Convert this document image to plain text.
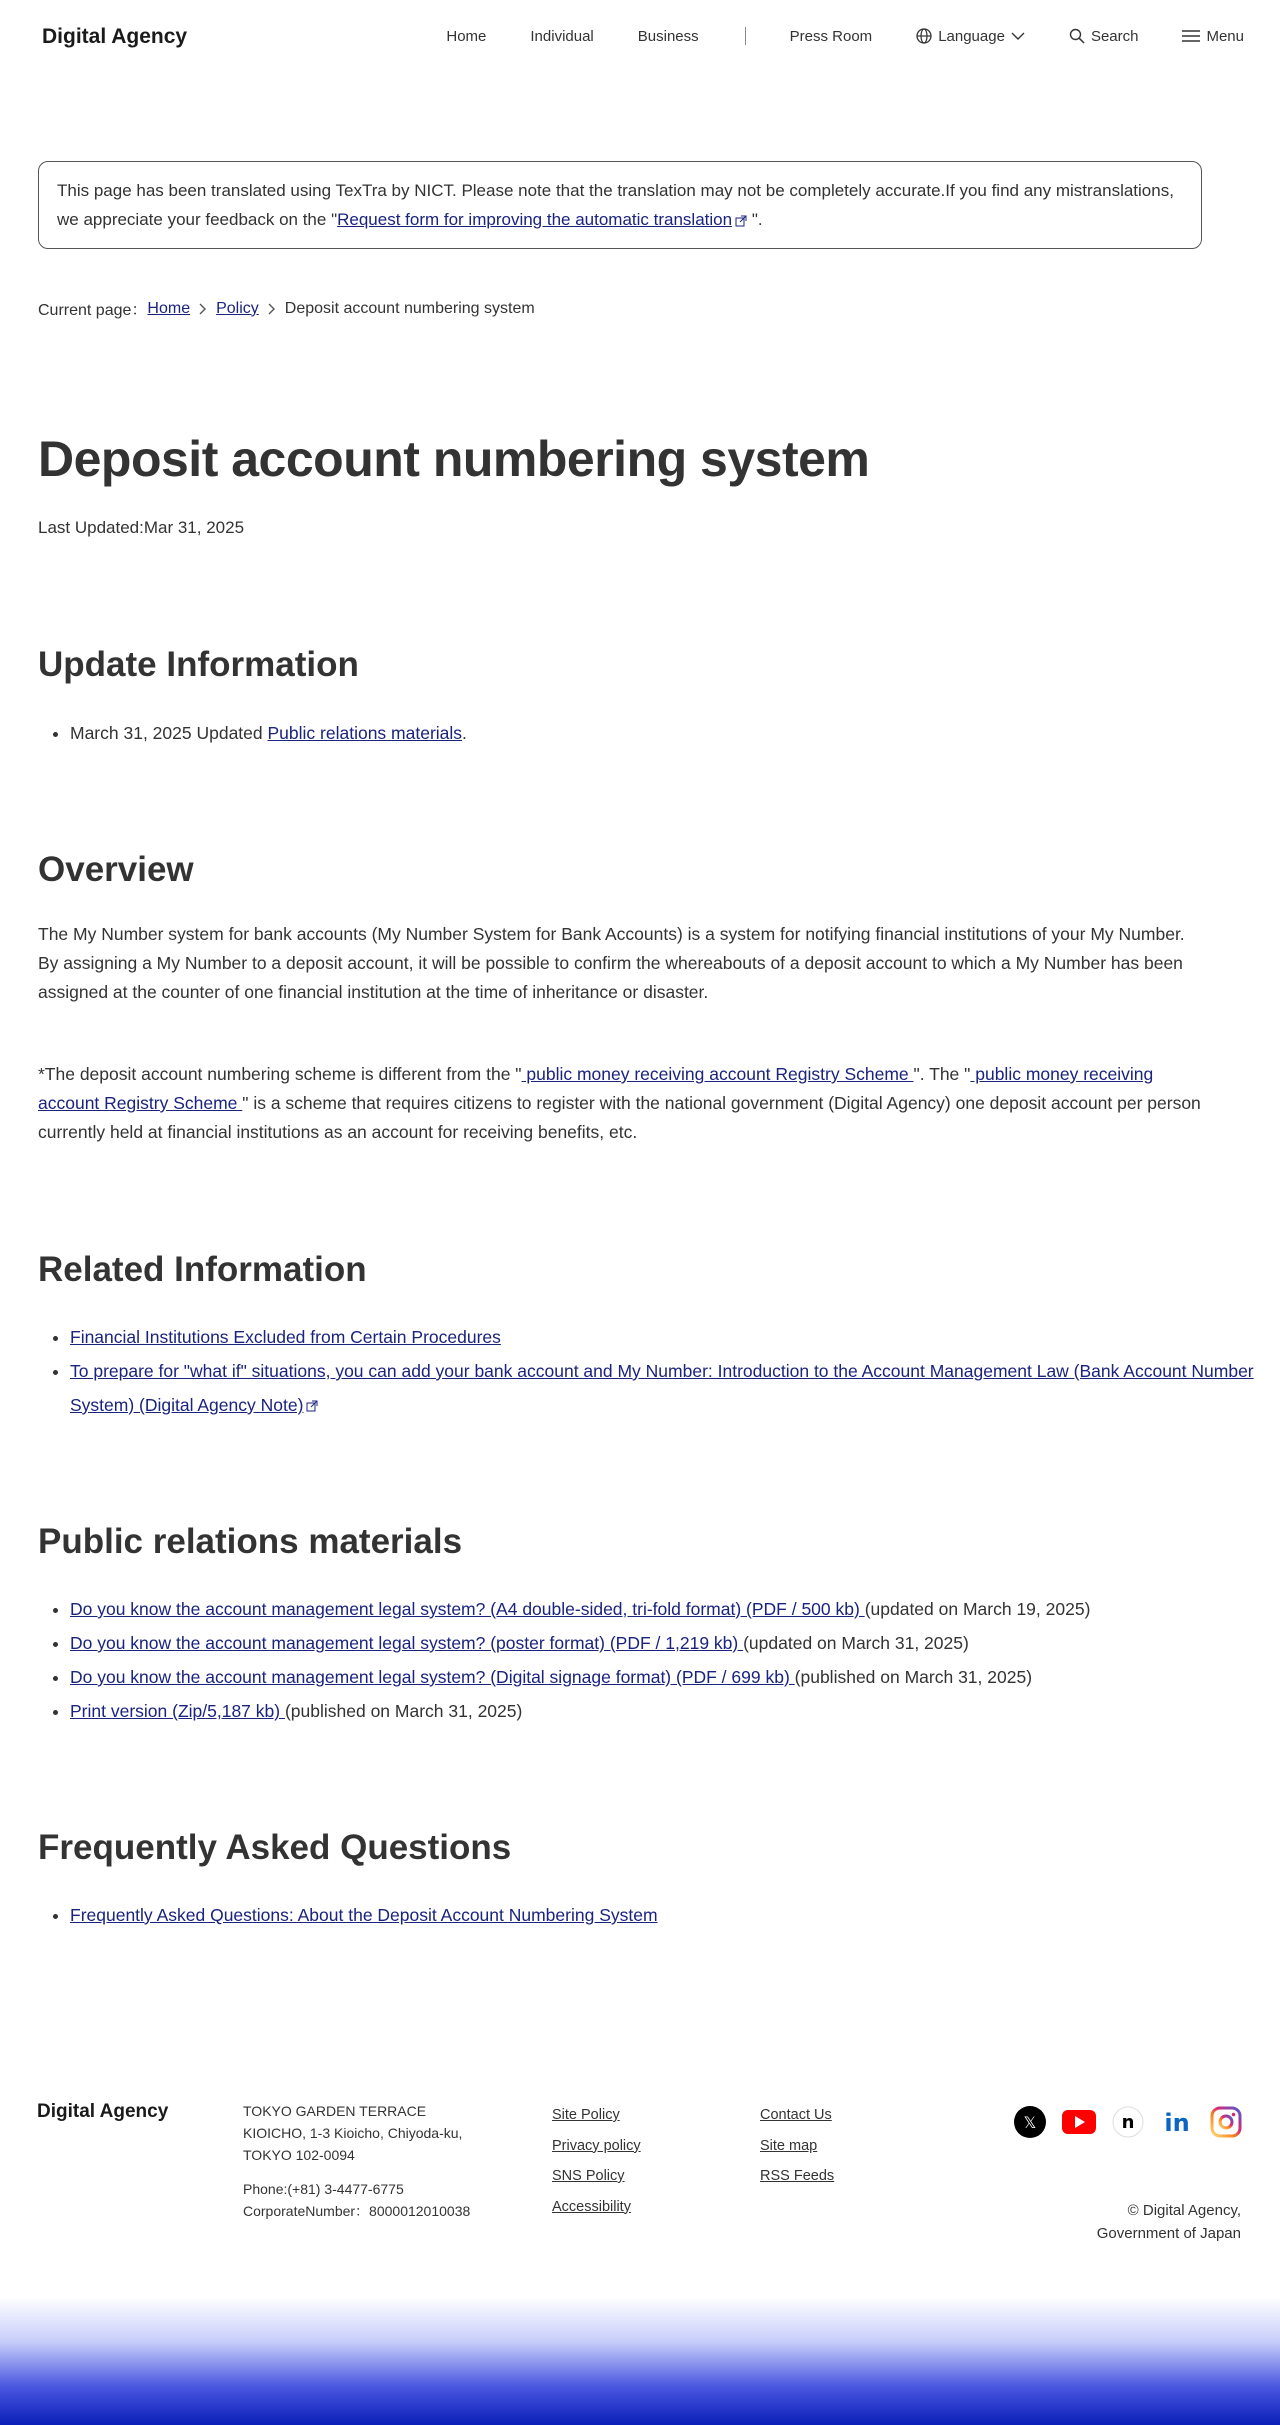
Digital Agency	Home	Individual	Business	Press Room	Language	Search	Menu
This page has been translated using TexTra by NICT. Please note that the translation may not be completely accurate.If you find any mistranslations, we appreciate your feedback on the "Request form for improving the automatic translation ".
Current page： Home Policy Deposit account numbering system
Deposit account numbering system
Last Updated:Mar 31, 2025
Update Information
• March 31, 2025 Updated Public relations materials.
Overview

The My Number system for bank accounts (My Number System for Bank Accounts) is a system for notifying financial institutions of your My Number.
By assigning a My Number to a deposit account, it will be possible to confirm the whereabouts of a deposit account to which a My Number has been assigned at the counter of one financial institution at the time of inheritance or disaster.

*The deposit account numbering scheme is different from the " public money receiving account Registry Scheme ". The " public money receiving account Registry Scheme " is a scheme that requires citizens to register with the national government (Digital Agency) one deposit account per person currently held at financial institutions as an account for receiving benefits, etc.

Related Information
• Financial Institutions Excluded from Certain Procedures
• To prepare for "what if" situations, you can add your bank account and My Number: Introduction to the Account Management Law (Bank Account Number System) (Digital Agency Note)
Public relations materials
• Do you know the account management legal system? (A4 double-sided, tri-fold format) (PDF / 500 kb) (updated on March 19, 2025)
• Do you know the account management legal system? (poster format) (PDF / 1,219 kb) (updated on March 31, 2025)
• Do you know the account management legal system? (Digital signage format) (PDF / 699 kb) (published on March 31, 2025)
• Print version (Zip/5,187 kb) (published on March 31, 2025)
Frequently Asked Questions
• Frequently Asked Questions: About the Deposit Account Numbering System
Digital Agency	TOKYO GARDEN TERRACE
KIOICHO, 1-3 Kioicho, Chiyoda-ku,
TOKYO 102-0094
Phone:(+81) 3-4477-6775
CorporateNumber：8000012010038
Site Policy
Privacy policy
SNS Policy
Accessibility
Contact Us
Site map
RSS Feeds
𝕏	n in
© Digital Agency,
Government of Japan
